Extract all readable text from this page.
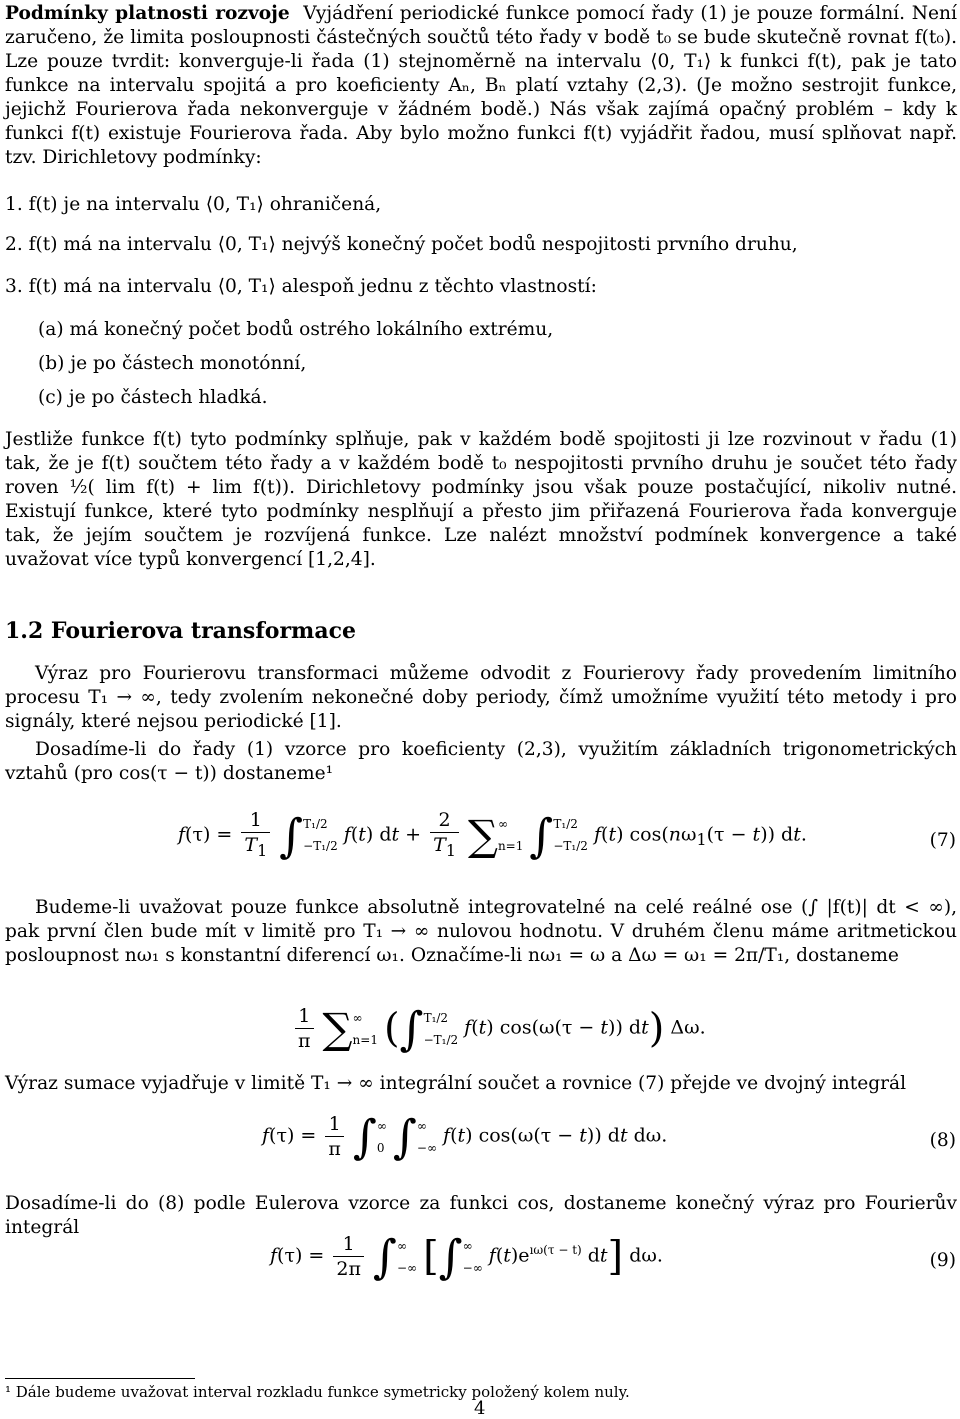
Podmínky platnosti rozvoje Vyjádření periodické funkce pomocí řady (1) je pouze formální. Není zaručeno, že limita posloupnosti částečných součtů této řady v bodě t₀ se bude skutečně rovnat f(t₀). Lze pouze tvrdit: konverguje-li řada (1) stejnoměrně na intervalu ⟨0, T₁⟩ k funkci f(t), pak je tato funkce na intervalu spojitá a pro koeficienty Aₙ, Bₙ platí vztahy (2,3). (Je možno sestrojit funkce, jejichž Fourierova řada nekonverguje v žádném bodě.) Nás však zajímá opačný problém – kdy k funkci f(t) existuje Fourierova řada. Aby bylo možno funkci f(t) vyjádřit řadou, musí splňovat např. tzv. Dirichletovy podmínky:

1. f(t) je na intervalu ⟨0, T₁⟩ ohraničená,
2. f(t) má na intervalu ⟨0, T₁⟩ nejvýš konečný počet bodů nespojitosti prvního druhu,
3. f(t) má na intervalu ⟨0, T₁⟩ alespoň jednu z těchto vlastností:
(a) má konečný počet bodů ostrého lokálního extrému,
(b) je po částech monotónní,
(c) je po částech hladká.

Jestliže funkce f(t) tyto podmínky splňuje, pak v každém bodě spojitosti ji lze rozvinout v řadu (1) tak, že je f(t) součtem této řady a v každém bodě t₀ nespojitosti prvního druhu je součet této řady roven ½( lim f(t) + lim f(t)). Dirichletovy podmínky jsou však pouze postačující, nikoliv nutné. Existují funkce, které tyto podmínky nesplňují a přesto jim přiřazená Fourierova řada konverguje tak, že jejím součtem je rozvíjená funkce. Lze nalézt množství podmínek konvergence a také uvažovat více typů konvergencí [1,2,4].

1.2 Fourierova transformace

Výraz pro Fourierovu transformaci můžeme odvodit z Fourierovy řady provedením limitního procesu T₁ → ∞, tedy zvolením nekonečné doby periody, čímž umožníme využití této metody i pro signály, které nejsou periodické [1].

Dosadíme-li do řady (1) vzorce pro koeficienty (2,3), využitím základních trigonometrických vztahů (pro cos(τ − t)) dostaneme¹

$f(\tau) = \frac{1}{T_1}$ ∫ T₁/2
−T₁/2
f(t) dt + $\frac{2}{T_1}$ ∑ ∞
n=1 ∫ T₁/2
−T₁/2
f(t) $\cos(n\omega_1(\tau - t))$ dt.	(7)

Budeme-li uvažovat pouze funkce absolutně integrovatelné na celé reálné ose (∫ |f(t)| dt < ∞), pak první člen bude mít v limitě pro T₁ → ∞ nulovou hodnotu. V druhém členu máme aritmetickou posloupnost nω₁ s konstantní diferencí ω₁. Označíme-li nω₁ = ω a Δω = ω₁ = 2π/T₁, dostaneme

$\frac{1}{\pi}$ ∑ ∞
n=1 (∫ T₁/2
−T₁/2
f(t) cos(ω(τ − t)) dt) Δω.

Výraz sumace vyjadřuje v limitě T₁ → ∞ integrální součet a rovnice (7) přejde ve dvojný integrál

$f(\tau) = \frac{1}{\pi}$ ∫ ∞
0 ∫ ∞
−∞
f(t) cos(ω(τ − t)) dt dω.	(8)

Dosadíme-li do (8) podle Eulerova vzorce za funkci cos, dostaneme konečný výraz pro Fourierův integrál

$f(\tau) = \frac{1}{2\pi}$ ∫ ∞
−∞ [∫ ∞
−∞
$f(t)e^{ı\omega(\tau - t)}$ dt] dω.	(9)
¹ Dále budeme uvažovat interval rozkladu funkce symetricky položený kolem nuly.
4
